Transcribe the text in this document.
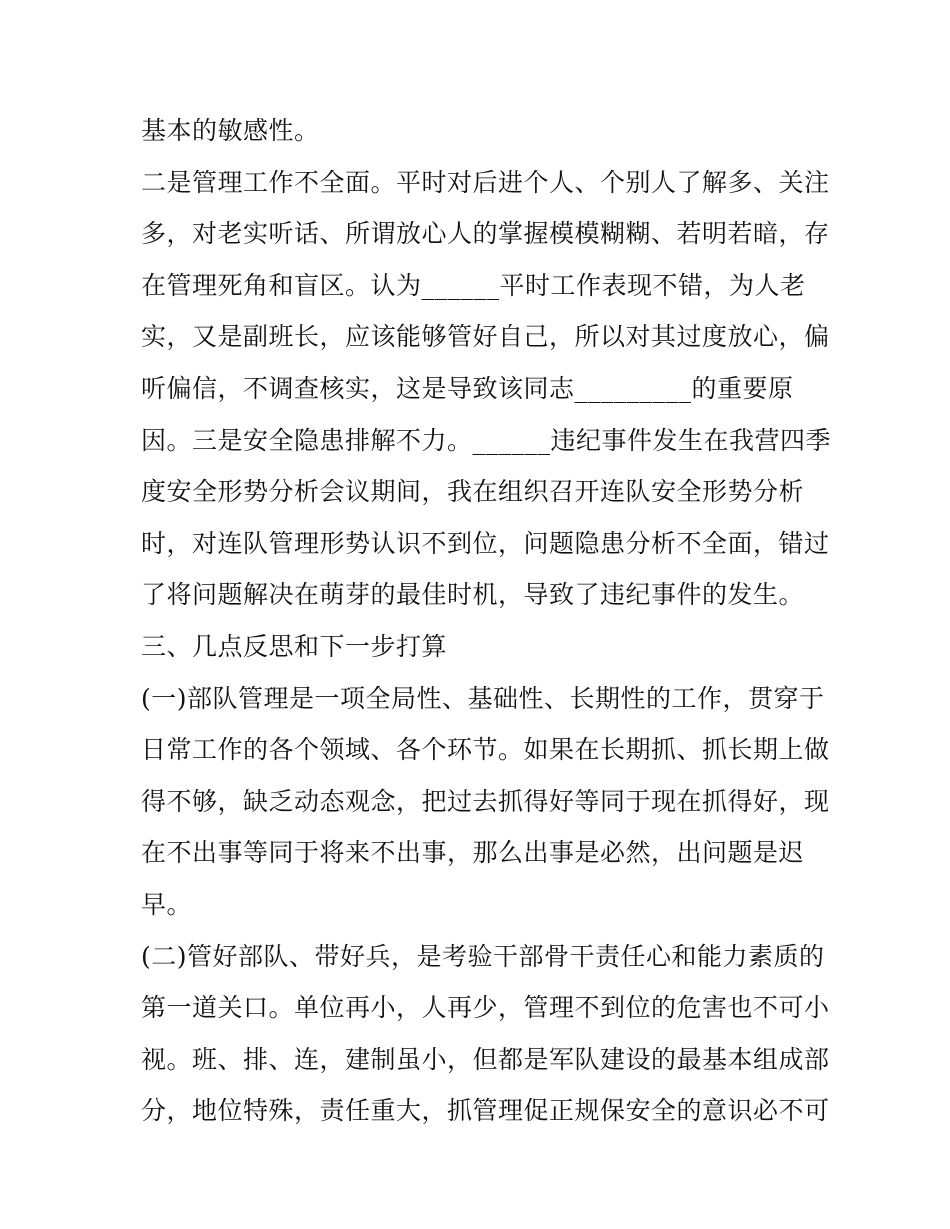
基本的敏感性。
二是管理工作不全面。平时对后进个人、个别人了解多、关注
多，对老实听话、所谓放心人的掌握模模糊糊、若明若暗，存
在管理死角和盲区。认为______平时工作表现不错，为人老
实，又是副班长，应该能够管好自己，所以对其过度放心，偏
听偏信，不调查核实，这是导致该同志_________的重要原
因。三是安全隐患排解不力。______违纪事件发生在我营四季
度安全形势分析会议期间，我在组织召开连队安全形势分析
时，对连队管理形势认识不到位，问题隐患分析不全面，错过
了将问题解决在萌芽的最佳时机，导致了违纪事件的发生。
三、几点反思和下一步打算
(一)部队管理是一项全局性、基础性、长期性的工作，贯穿于
日常工作的各个领域、各个环节。如果在长期抓、抓长期上做
得不够，缺乏动态观念，把过去抓得好等同于现在抓得好，现
在不出事等同于将来不出事，那么出事是必然，出问题是迟
早。
(二)管好部队、带好兵，是考验干部骨干责任心和能力素质的
第一道关口。单位再小，人再少，管理不到位的危害也不可小
视。班、排、连，建制虽小，但都是军队建设的最基本组成部
分，地位特殊，责任重大，抓管理促正规保安全的意识必不可
